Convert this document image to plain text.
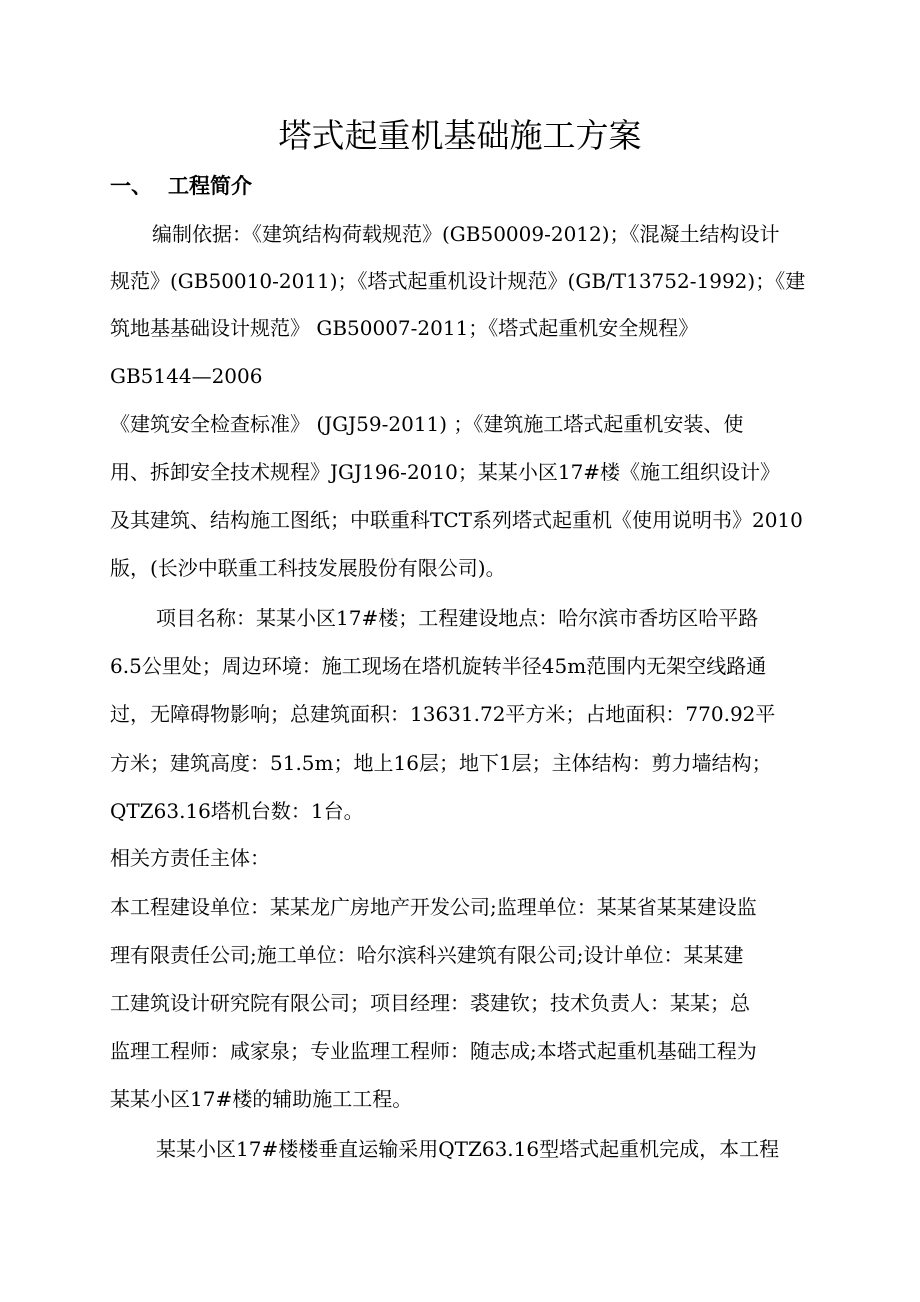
塔式起重机基础施工方案
一、 工程简介
编制依据：《建筑结构荷载规范》(GB50009-2012)；《混凝土结构设计
规范》(GB50010-2011)；《塔式起重机设计规范》(GB/T13752-1992)；《建
筑地基基础设计规范》 GB50007-2011；《塔式起重机安全规程》
GB5144—2006
《建筑安全检查标准》 (JGJ59-2011) ；《建筑施工塔式起重机安装、使
用、拆卸安全技术规程》JGJ196-2010；某某小区17#楼《施工组织设计》
及其建筑、结构施工图纸；中联重科TCT系列塔式起重机《使用说明书》2010
版，(长沙中联重工科技发展股份有限公司)。
项目名称：某某小区17#楼；工程建设地点：哈尔滨市香坊区哈平路
6.5公里处；周边环境：施工现场在塔机旋转半径45m范围内无架空线路通
过，无障碍物影响；总建筑面积：13631.72平方米；占地面积：770.92平
方米；建筑高度：51.5m；地上16层；地下1层；主体结构：剪力墙结构；
QTZ63.16塔机台数：1台。
相关方责任主体：
本工程建设单位：某某龙广房地产开发公司;监理单位：某某省某某建设监
理有限责任公司;施工单位：哈尔滨科兴建筑有限公司;设计单位：某某建
工建筑设计研究院有限公司；项目经理：裘建钦；技术负责人：某某；总
监理工程师：咸家泉；专业监理工程师：随志成;本塔式起重机基础工程为
某某小区17#楼的辅助施工工程。
某某小区17#楼楼垂直运输采用QTZ63.16型塔式起重机完成，本工程
